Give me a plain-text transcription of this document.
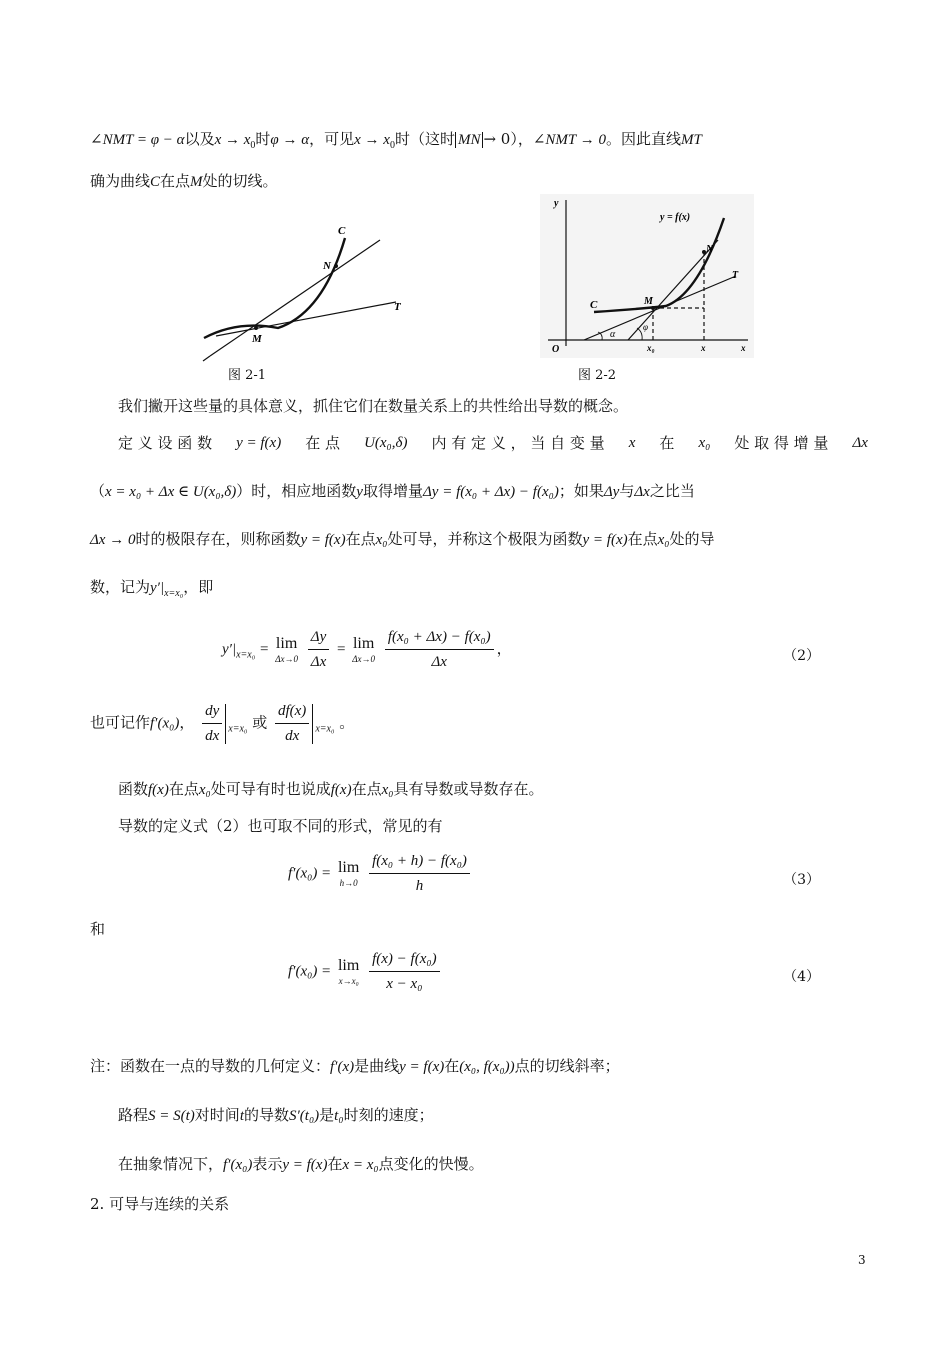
∠NMT = φ − α以及$x \to x_0$时φ → α，可见$x \to x_0$时（这时 MN → 0），∠NMT → 0。因此直线MT
确为曲线C在点M处的切线。
C
N
T
M
图 2-1
y
y = f(x)
N
T
C	M
O
α
φ
x₀	x	x
图 2-2
我们撇开这些量的具体意义，抓住它们在数量关系上的共性给出导数的概念。
定 义 设 函 数 y = f(x) 在 点 U(x₀,δ) 内 有 定 义 ， 当 自 变 量 x 在 x₀ 处 取 得 增 量 Δx
（x = x₀ + Δx ∈ U(x₀,δ)）时，相应地函数y取得增量Δy = f(x₀ + Δx) − f(x₀)；如果Δy与Δx之比当
Δx → 0时的极限存在，则称函数y = f(x)在点x₀处可导，并称这个极限为函数y = f(x)在点x₀处的导
数，记为$y'|_{x=x_0}$，即
$y'|_{x=x_0} = \lim$
Δx→0
$\frac{\Delta y}{\Delta x} = \lim$
Δx→0
$\frac{\text{f(x₀ + Δx) − f(x₀)}}{\Delta x}$ ，	（2）
也可记作f′(x₀)， $\frac{dy}{dx} _{x=x_0}$ 或 $\frac{df(x)}{dx} _{x=x_0}$ 。
函数f(x)在点x₀处可导有时也说成f(x)在点x₀具有导数或导数存在。
导数的定义式（2）也可取不同的形式，常见的有
f′(x₀) = lim
h→0
$\frac{\text{f(x₀ + h) − f(x₀)}}{h}$	（3）
和
f′(x₀) = lim
x→x₀
$\frac{\text{f(x) − f(x₀)}}{\text{x − x₀}}$	（4）
注：函数在一点的导数的几何定义：f′(x)是曲线y = f(x)在(x₀, f(x₀))点的切线斜率；
路程S = S(t)对时间t的导数S′(t₀)是t₀时刻的速度；
在抽象情况下，f′(x₀)表示y = f(x)在x = x₀点变化的快慢。
2. 可导与连续的关系
3
